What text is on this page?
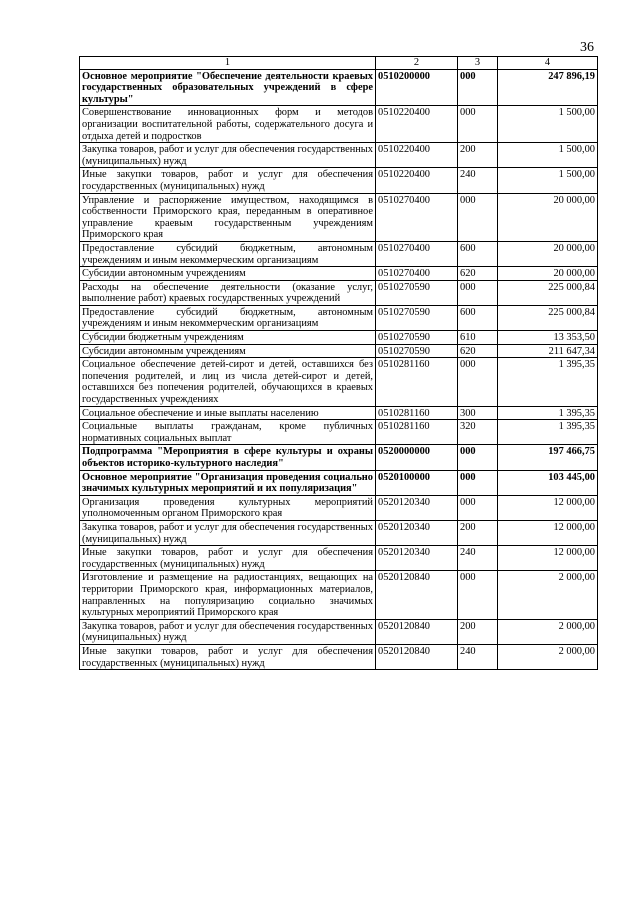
36
1	2	3	4
Основное мероприятие "Обеспечение деятельности краевых государственных образовательных учреждений в сфере культуры"	0510200000	000	247 896,19
Совершенствование инновационных форм и методов организации воспитательной работы, содержательного досуга и отдыха детей и подростков	0510220400	000	1 500,00
Закупка товаров, работ и услуг для обеспечения государственных (муниципальных) нужд	0510220400	200	1 500,00
Иные закупки товаров, работ и услуг для обеспечения государственных (муниципальных) нужд	0510220400	240	1 500,00
Управление и распоряжение имуществом, находящимся в собственности Приморского края, переданным в оперативное управление краевым государственным учреждениям Приморского края	0510270400	000	20 000,00
Предоставление субсидий бюджетным, автономным учреждениям и иным некоммерческим организациям	0510270400	600	20 000,00
Субсидии автономным учреждениям	0510270400	620	20 000,00
Расходы на обеспечение деятельности (оказание услуг, выполнение работ) краевых государственных учреждений	0510270590	000	225 000,84
Предоставление субсидий бюджетным, автономным учреждениям и иным некоммерческим организациям	0510270590	600	225 000,84
Субсидии бюджетным учреждениям	0510270590	610	13 353,50
Субсидии автономным учреждениям	0510270590	620	211 647,34
Социальное обеспечение детей-сирот и детей, оставшихся без попечения родителей, и лиц из числа детей-сирот и детей, оставшихся без попечения родителей, обучающихся в краевых государственных учреждениях	0510281160	000	1 395,35
Социальное обеспечение и иные выплаты населению	0510281160	300	1 395,35
Социальные выплаты гражданам, кроме публичных нормативных социальных выплат	0510281160	320	1 395,35
Подпрограмма "Мероприятия в сфере культуры и охраны объектов историко-культурного наследия"	0520000000	000	197 466,75
Основное мероприятие "Организация проведения социально значимых культурных мероприятий и их популяризация"	0520100000	000	103 445,00
Организация проведения культурных мероприятий уполномоченным органом Приморского края	0520120340	000	12 000,00
Закупка товаров, работ и услуг для обеспечения государственных (муниципальных) нужд	0520120340	200	12 000,00
Иные закупки товаров, работ и услуг для обеспечения государственных (муниципальных) нужд	0520120340	240	12 000,00
Изготовление и размещение на радиостанциях, вещающих на территории Приморского края, информационных материалов, направленных на популяризацию социально значимых культурных мероприятий Приморского края	0520120840	000	2 000,00
Закупка товаров, работ и услуг для обеспечения государственных (муниципальных) нужд	0520120840	200	2 000,00
Иные закупки товаров, работ и услуг для обеспечения государственных (муниципальных) нужд	0520120840	240	2 000,00
